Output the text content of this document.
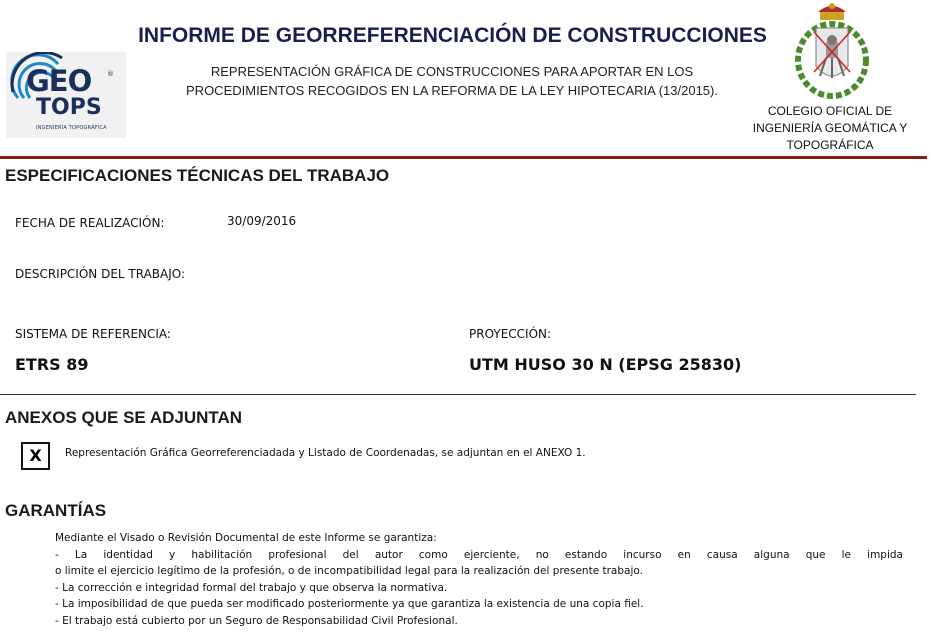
GEO ®
TOPS
INGENIERÍA TOPOGRÁFICA
INFORME DE GEORREFERENCIACIÓN DE CONSTRUCCIONES
REPRESENTACIÓN GRÁFICA DE CONSTRUCCIONES PARA APORTAR EN LOS
PROCEDIMIENTOS RECOGIDOS EN LA REFORMA DE LA LEY HIPOTECARIA (13/2015).
COLEGIO OFICIAL DE
INGENIERÍA GEOMÁTICA Y
TOPOGRÁFICA
ESPECIFICACIONES TÉCNICAS DEL TRABAJO
FECHA DE REALIZACIÓN:	30/09/2016
DESCRIPCIÓN DEL TRABAJO:
SISTEMA DE REFERENCIA:
ETRS 89
PROYECCIÓN:
UTM HUSO 30 N (EPSG 25830)
ANEXOS QUE SE ADJUNTAN
X	Representación Gráfica Georreferenciadada y Listado de Coordenadas, se adjuntan en el ANEXO 1.
GARANTÍAS

Mediante el Visado o Revisión Documental de este Informe se garantiza:

- La identidad y habilitación profesional del autor como ejerciente, no estando incurso en causa alguna que le impida

o limite el ejercicio legítimo de la profesión, o de incompatibilidad legal para la realización del presente trabajo.

- La corrección e integridad formal del trabajo y que observa la normativa.

- La imposibilidad de que pueda ser modificado posteriormente ya que garantiza la existencia de una copia fiel.

- El trabajo está cubierto por un Seguro de Responsabilidad Civil Profesional.
